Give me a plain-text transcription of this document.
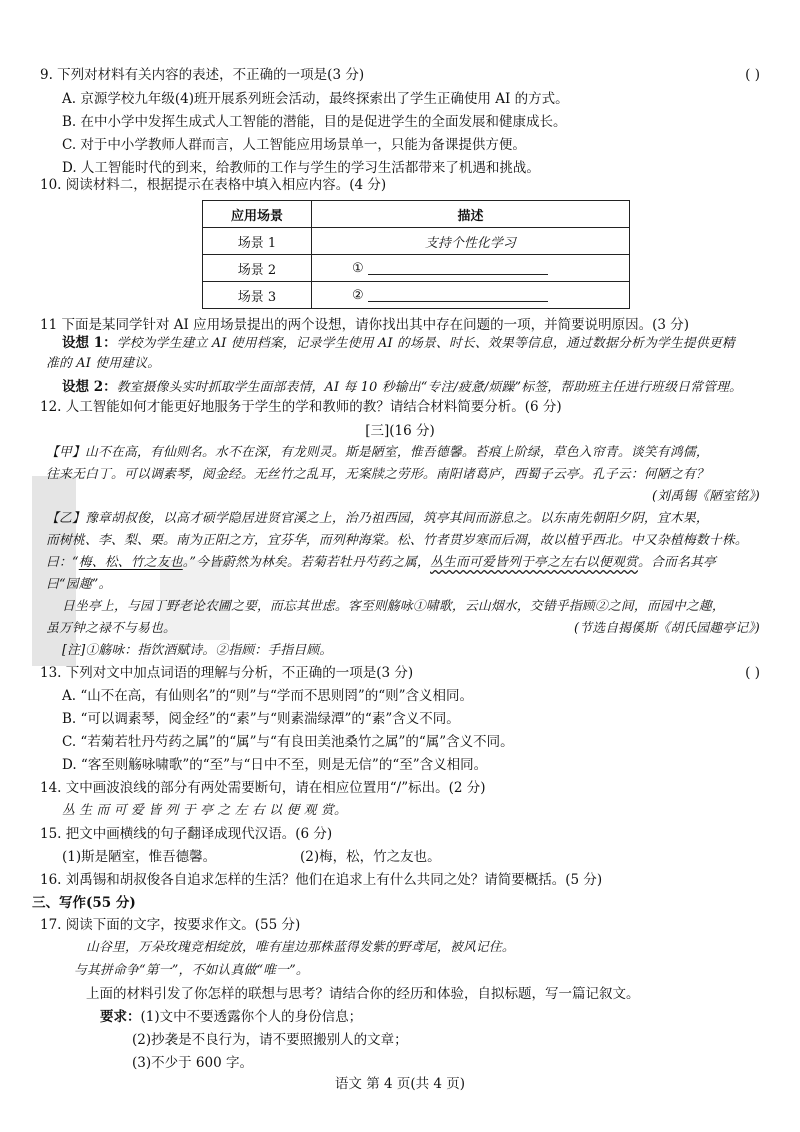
9. 下列对材料有关内容的表述，不正确的一项是(3 分)	( )
A. 京源学校九年级(4)班开展系列班会活动，最终探索出了学生正确使用 AI 的方式。
B. 在中小学中发挥生成式人工智能的潜能，目的是促进学生的全面发展和健康成长。
C. 对于中小学教师人群而言，人工智能应用场景单一，只能为备课提供方便。
D. 人工智能时代的到来，给教师的工作与学生的学习生活都带来了机遇和挑战。
10. 阅读材料二，根据提示在表格中填入相应内容。(4 分)
应用场景	描述
场景 1	支持个性化学习
场景 2	①
场景 3	②
11 下面是某同学针对 AI 应用场景提出的两个设想，请你找出其中存在问题的一项，并简要说明原因。(3 分)
设想 1：学校为学生建立 AI 使用档案，记录学生使用 AI 的场景、时长、效果等信息，通过数据分析为学生提供更精
准的 AI 使用建议。
设想 2：教室摄像头实时抓取学生面部表情，AI 每 10 秒输出“专注/疲惫/烦躁”标签，帮助班主任进行班级日常管理。
12. 人工智能如何才能更好地服务于学生的学和教师的教？请结合材料简要分析。(6 分)
[三](16 分)
【甲】山不在高，有仙则名。水不在深，有龙则灵。斯是陋室，惟吾德馨。苔痕上阶绿，草色入帘青。谈笑有鸿儒，
往来无白丁。可以调素琴，阅金经。无丝竹之乱耳，无案牍之劳形。南阳诸葛庐，西蜀子云亭。孔子云：何陋之有？
(刘禹锡《陋室铭》)
【乙】豫章胡叔俊，以高才硕学隐居进贤官溪之上，治乃祖西园，筑亭其间而游息之。以东南先朝阳夕阴，宜木果，
而树桃、李、梨、栗。南为正阳之方，宜芬华，而列种海棠。松、竹者贯岁寒而后凋，故以植乎西北。中又杂植梅数十株。
曰：“梅、松、竹之友也。”今皆蔚然为林矣。若菊若牡丹芍药之属，丛生而可爱皆列于亭之左右以便观赏。合而名其亭
曰“园趣”。
日坐亭上，与园丁野老论农圃之要，而忘其世虑。客至则觞咏①啸歌，云山烟水，交错乎指顾②之间，而园中之趣，
虽万钟之禄不与易也。	(节选自揭傒斯《胡氏园趣亭记》)
[注]①觞咏：指饮酒赋诗。②指顾：手指目顾。
13. 下列对文中加点词语的理解与分析，不正确的一项是(3 分)	( )
A. “山不在高，有仙则名”的“则”与“学而不思则罔”的“则”含义相同。
B. “可以调素琴，阅金经”的“素”与“则素湍绿潭”的“素”含义不同。
C. “若菊若牡丹芍药之属”的“属”与“有良田美池桑竹之属”的“属”含义不同。
D. “客至则觞咏啸歌”的“至”与“日中不至，则是无信”的“至”含义相同。
14. 文中画波浪线的部分有两处需要断句，请在相应位置用“/”标出。(2 分)
丛 生 而 可 爱 皆 列 于 亭 之 左 右 以 便 观 赏。
15. 把文中画横线的句子翻译成现代汉语。(6 分)
(1)斯是陋室，惟吾德馨。	(2)梅，松，竹之友也。
16. 刘禹锡和胡叔俊各自追求怎样的生活？他们在追求上有什么共同之处？请简要概括。(5 分)
三、写作(55 分)
17. 阅读下面的文字，按要求作文。(55 分)
山谷里，万朵玫瑰竞相绽放，唯有崖边那株蓝得发紫的野鸢尾，被风记住。
与其拼命争“第一”，不如认真做“唯一”。
上面的材料引发了你怎样的联想与思考？请结合你的经历和体验，自拟标题，写一篇记叙文。
要求：(1)文中不要透露你个人的身份信息；
(2)抄袭是不良行为，请不要照搬别人的文章；
(3)不少于 600 字。
语文 第 4 页(共 4 页)
